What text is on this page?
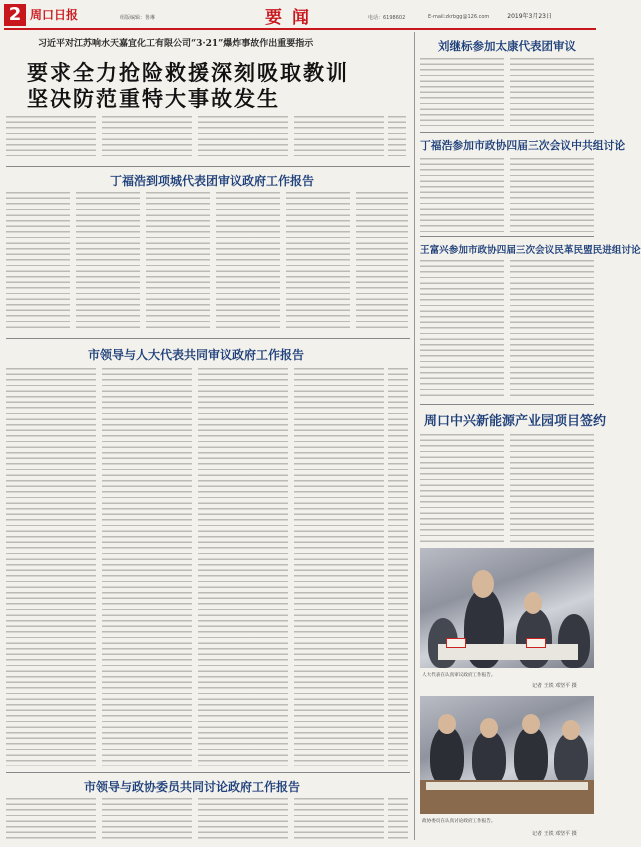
2 周口日报	组版编辑：鲁琳	要闻	电话：6198602	E-mail:zkrbgg@126.com	2019年3月23日
习近平对江苏响水天嘉宜化工有限公司“3·21”爆炸事故作出重要指示
要求全力抢险救援深刻吸取教训
坚决防范重特大事故发生
丁福浩到项城代表团审议政府工作报告
市领导与人大代表共同审议政府工作报告
市领导与政协委员共同讨论政府工作报告
刘继标参加太康代表团审议
丁福浩参加市政协四届三次会议中共组讨论
王富兴参加市政协四届三次会议民革民盟民进组讨论
周口中兴新能源产业园项目签约
人大代表在认真审议政府工作报告。
记者 王铁 邓坚平 摄
政协委员在认真讨论政府工作报告。
记者 王铁 邓坚平 摄
